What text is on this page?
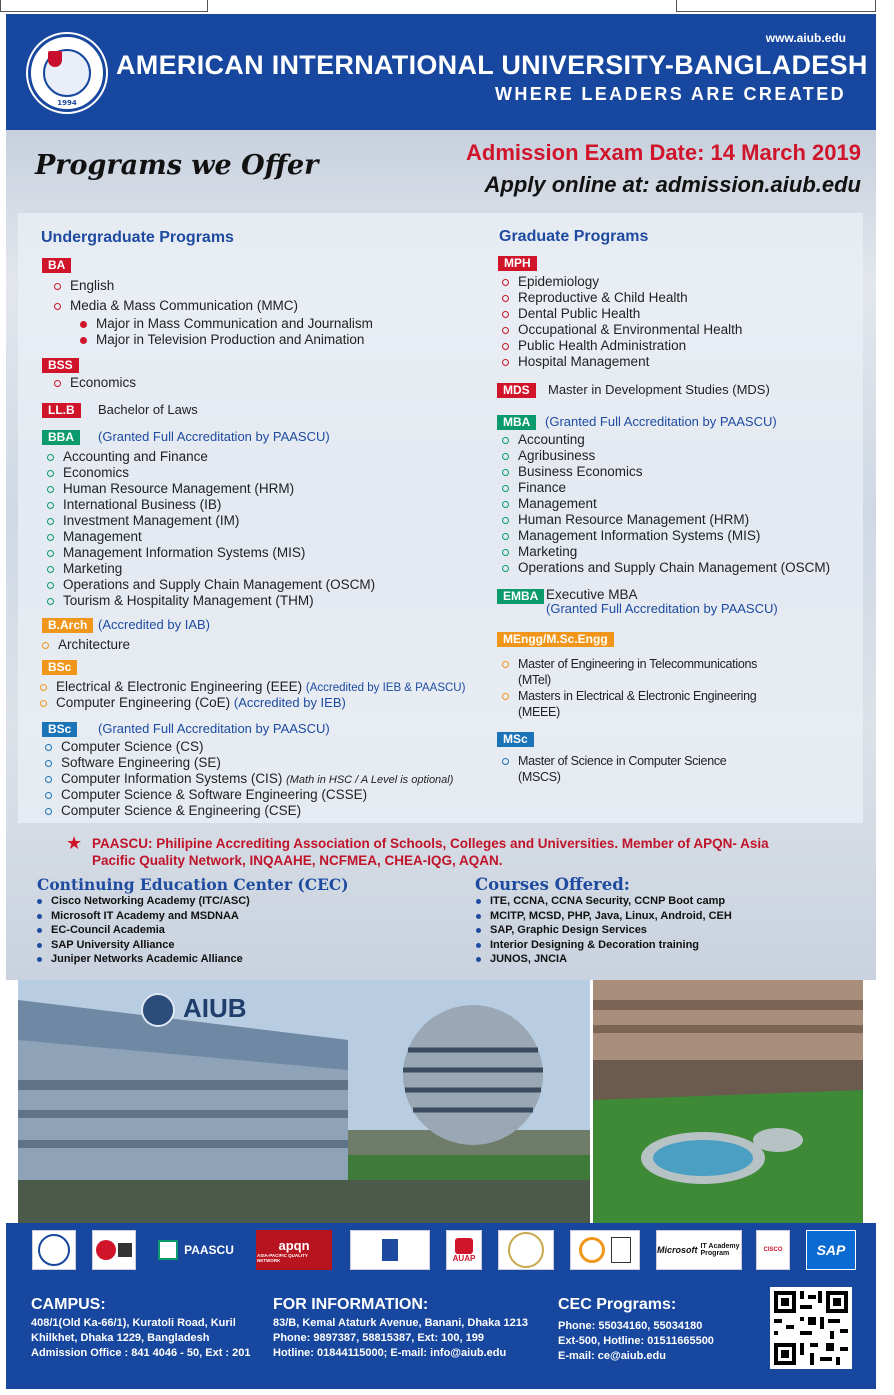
1994
www.aiub.edu
AMERICAN INTERNATIONAL UNIVERSITY-BANGLADESH
WHERE LEADERS ARE CREATED
Programs we Offer	Admission Exam Date: 14 March 2019
Apply online at: admission.aiub.edu
Undergraduate Programs
BA
English
Media & Mass Communication (MMC)
Major in Mass Communication and Journalism
Major in Television Production and Animation
BSS
Economics
LL.B	Bachelor of Laws
BBA	(Granted Full Accreditation by PAASCU)
Accounting and Finance
Economics
Human Resource Management (HRM)
International Business (IB)
Investment Management (IM)
Management
Management Information Systems (MIS)
Marketing
Operations and Supply Chain Management (OSCM)
Tourism & Hospitality Management (THM)
B.Arch (Accredited by IAB)
Architecture
BSc
Electrical & Electronic Engineering (EEE) (Accredited by IEB & PAASCU)
Computer Engineering (CoE) (Accredited by IEB)
BSc	(Granted Full Accreditation by PAASCU)
Computer Science (CS)
Software Engineering (SE)
Computer Information Systems (CIS) (Math in HSC / A Level is optional)
Computer Science & Software Engineering (CSSE)
Computer Science & Engineering (CSE)
Graduate Programs
MPH
Epidemiology
Reproductive & Child Health
Dental Public Health
Occupational & Environmental Health
Public Health Administration
Hospital Management
MDS	Master in Development Studies (MDS)
MBA	(Granted Full Accreditation by PAASCU)
Accounting
Agribusiness
Business Economics
Finance
Management
Human Resource Management (HRM)
Management Information Systems (MIS)
Marketing
Operations and Supply Chain Management (OSCM)
EMBA Executive MBA
(Granted Full Accreditation by PAASCU)
MEngg/M.Sc.Engg
Master of Engineering in Telecommunications
(MTel)
Masters in Electrical & Electronic Engineering
(MEEE)
MSc
Master of Science in Computer Science
(MSCS)
★ PAASCU: Philipine Accrediting Association of Schools, Colleges and Universities. Member of APQN- Asia Pacific Quality Network, INQAAHE, NCFMEA, CHEA-IQG, AQAN.
Continuing Education Center (CEC)
Cisco Networking Academy (ITC/ASC)
Microsoft IT Academy and MSDNAA
EC-Council Academia
SAP University Alliance
Juniper Networks Academic Alliance
Courses Offered:
ITE, CCNA, CCNA Security, CCNP Boot camp
MCITP, MCSD, PHP, Java, Linux, Android, CEH
SAP, Graphic Design Services
Interior Designing & Decoration training
JUNOS, JNCIA
AIUB
PAASCU	apqn
ASIA-PACIFIC QUALITY NETWORK	AUAP
Microsoft IT Academy Program	CISCO SAP
CAMPUS:
408/1(Old Ka-66/1), Kuratoli Road, Kuril
Khilkhet, Dhaka 1229, Bangladesh
Admission Office : 841 4046 - 50, Ext : 201
FOR INFORMATION:
83/B, Kemal Ataturk Avenue, Banani, Dhaka 1213
Phone: 9897387, 58815387, Ext: 100, 199
Hotline: 01844115000; E-mail: info@aiub.edu
CEC Programs:
Phone: 55034160, 55034180
Ext-500, Hotline: 01511665500
E-mail: ce@aiub.edu
